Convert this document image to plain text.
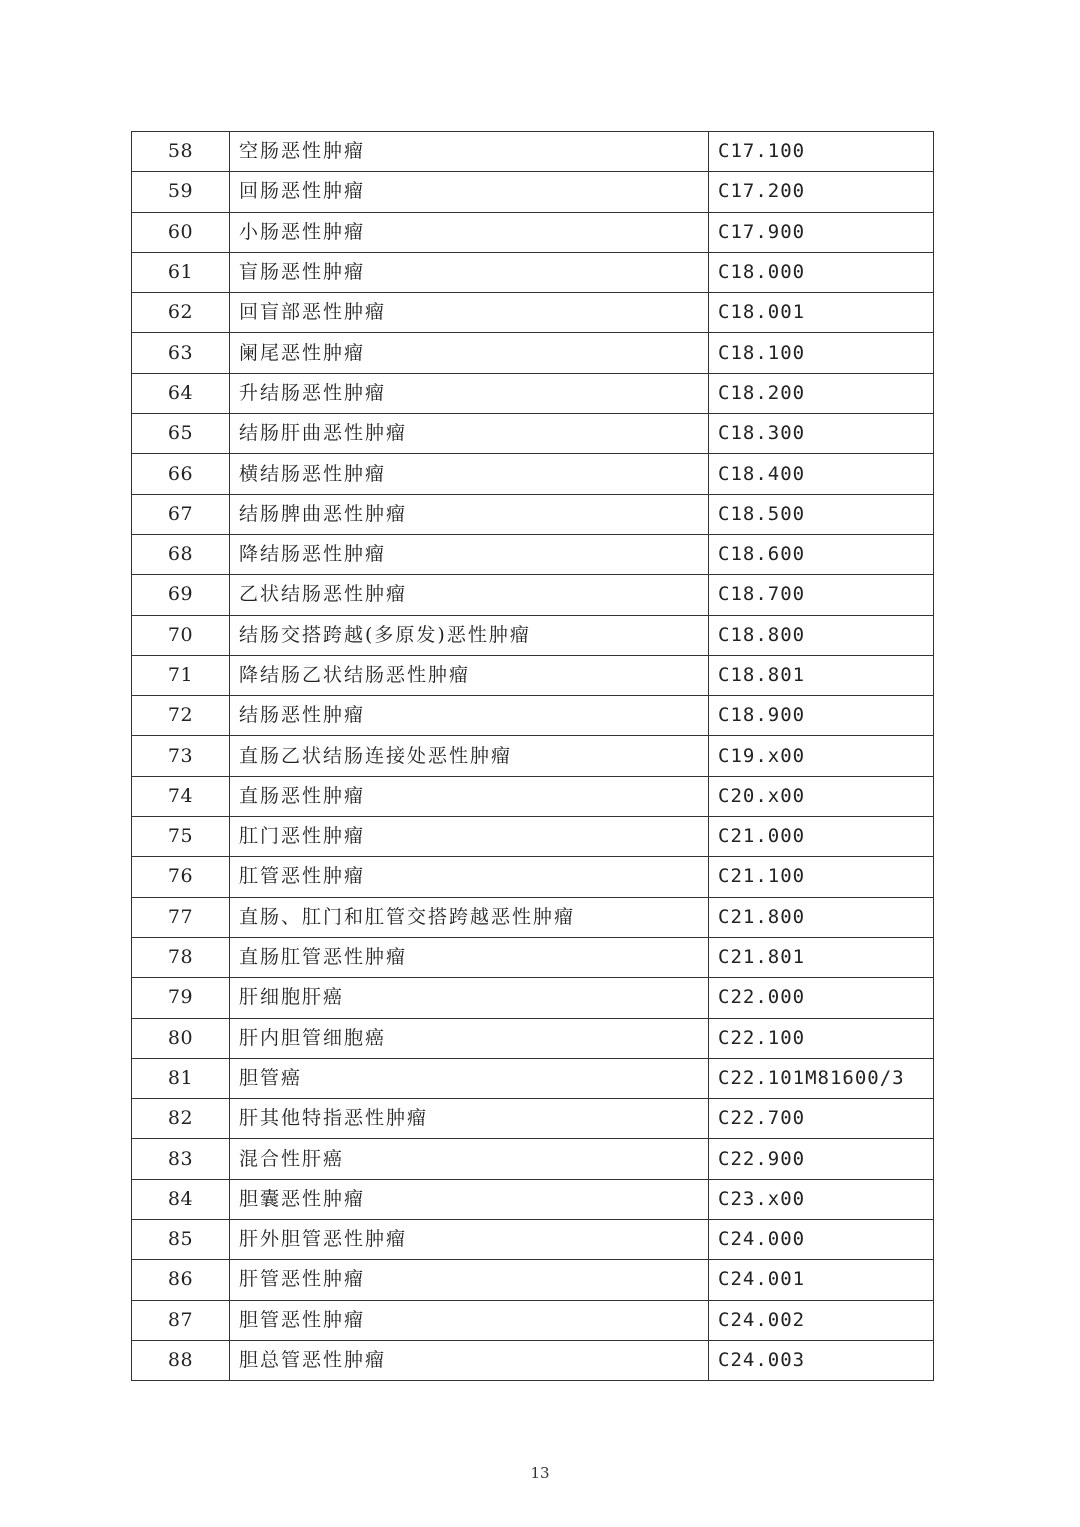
58	空肠恶性肿瘤	C17.100
59	回肠恶性肿瘤	C17.200
60	小肠恶性肿瘤	C17.900
61	盲肠恶性肿瘤	C18.000
62	回盲部恶性肿瘤	C18.001
63	阑尾恶性肿瘤	C18.100
64	升结肠恶性肿瘤	C18.200
65	结肠肝曲恶性肿瘤	C18.300
66	横结肠恶性肿瘤	C18.400
67	结肠脾曲恶性肿瘤	C18.500
68	降结肠恶性肿瘤	C18.600
69	乙状结肠恶性肿瘤	C18.700
70	结肠交搭跨越(多原发)恶性肿瘤	C18.800
71	降结肠乙状结肠恶性肿瘤	C18.801
72	结肠恶性肿瘤	C18.900
73	直肠乙状结肠连接处恶性肿瘤	C19.x00
74	直肠恶性肿瘤	C20.x00
75	肛门恶性肿瘤	C21.000
76	肛管恶性肿瘤	C21.100
77	直肠、肛门和肛管交搭跨越恶性肿瘤	C21.800
78	直肠肛管恶性肿瘤	C21.801
79	肝细胞肝癌	C22.000
80	肝内胆管细胞癌	C22.100
81	胆管癌	C22.101M81600/3
82	肝其他特指恶性肿瘤	C22.700
83	混合性肝癌	C22.900
84	胆囊恶性肿瘤	C23.x00
85	肝外胆管恶性肿瘤	C24.000
86	肝管恶性肿瘤	C24.001
87	胆管恶性肿瘤	C24.002
88	胆总管恶性肿瘤	C24.003
13
